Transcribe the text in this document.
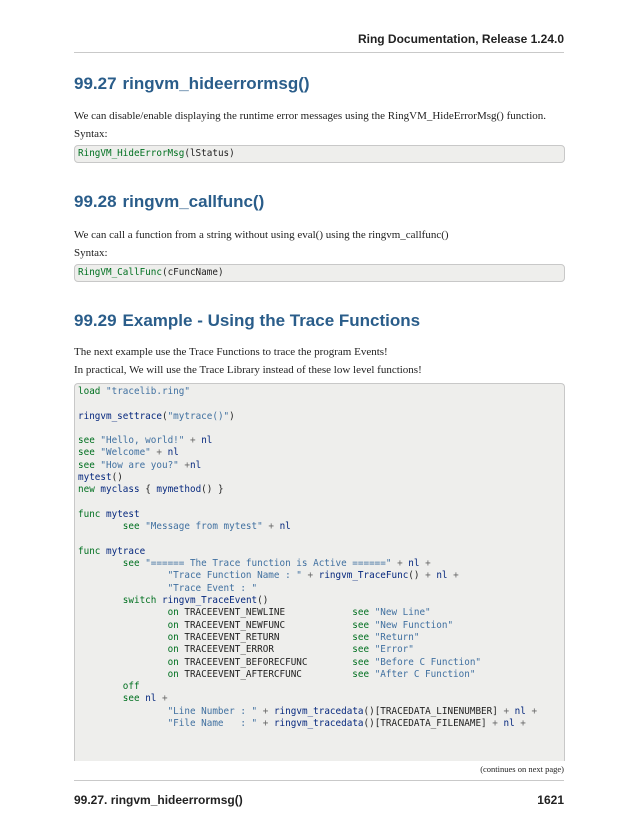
Ring Documentation, Release 1.24.0
99.27 ringvm_hideerrormsg()

We can disable/enable displaying the runtime error messages using the RingVM_HideErrorMsg() function.

Syntax:

RingVM_HideErrorMsg(lStatus)
99.28 ringvm_callfunc()

We can call a function from a string without using eval() using the ringvm_callfunc()

Syntax:

RingVM_CallFunc(cFuncName)
99.29 Example - Using the Trace Functions

The next example use the Trace Functions to trace the program Events!

In practical, We will use the Trace Library instead of these low level functions!

load "tracelib.ring"

ringvm_settrace("mytrace()")

see "Hello, world!" + nl
see "Welcome" + nl
see "How are you?" +nl
mytest()
new myclass { mymethod() }

func mytest
see "Message from mytest" + nl

func mytrace
see "====== The Trace function is Active ======" + nl +
"Trace Function Name : " + ringvm_TraceFunc() + nl +
"Trace Event : "
switch ringvm_TraceEvent()
on TRACEEVENT_NEWLINE            see "New Line"
on TRACEEVENT_NEWFUNC            see "New Function"
on TRACEEVENT_RETURN             see "Return"
on TRACEEVENT_ERROR              see "Error"
on TRACEEVENT_BEFORECFUNC        see "Before C Function"
on TRACEEVENT_AFTERCFUNC         see "After C Function"
off
see nl +
"Line Number : " + ringvm_tracedata()[TRACEDATA_LINENUMBER] + nl +
"File Name   : " + ringvm_tracedata()[TRACEDATA_FILENAME] + nl +
(continues on next page)
99.27. ringvm_hideerrormsg()	1621
